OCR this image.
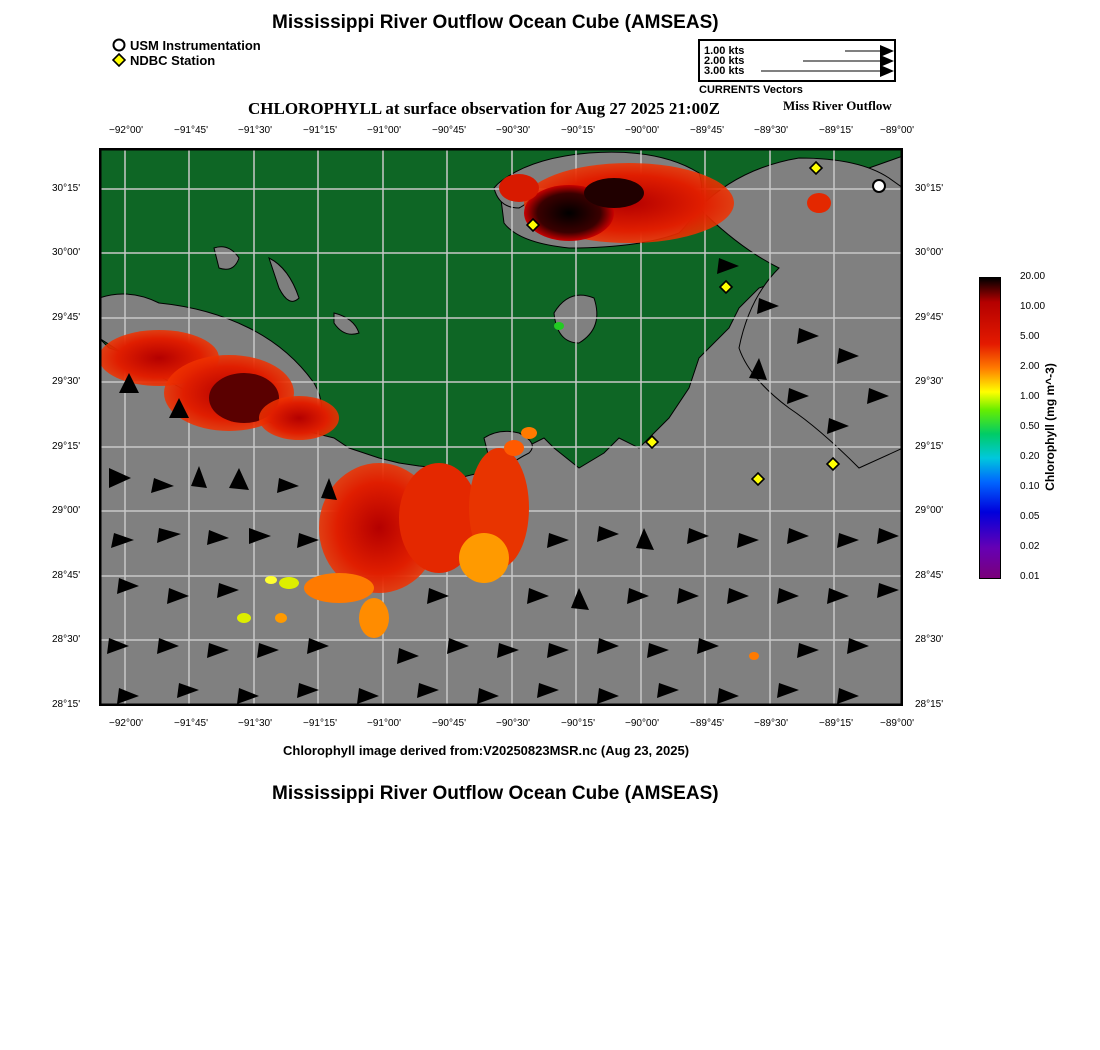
Mississippi River Outflow Ocean Cube (AMSEAS)
USM Instrumentation
NDBC Station
1.00 kts
2.00 kts
3.00 kts
CURRENTS Vectors
CHLOROPHYLL at surface observation for Aug 27 2025 21:00Z	Miss River Outflow
−92°00'	−91°45'	−91°30'	−91°15'	−91°00'	−90°45'	−90°30'	−90°15'	−90°00'	−89°45'	−89°30'	−89°15'	−89°00'
−92°00'	−91°45'	−91°30'	−91°15'	−91°00'	−90°45'	−90°30'	−90°15'	−90°00'	−89°45'	−89°30'	−89°15'	−89°00'
30°15'
30°00'
29°45'
29°30'
29°15'
29°00'
28°45'
28°30'
28°15'
30°15'
30°00'
29°45'
29°30'
29°15'
29°00'
28°45'
28°30'
28°15'
20.00
10.00
5.00
2.00
1.00
0.50
0.20
0.10
0.05
0.02
0.01
Chlorophyll (mg m^-3)
Chlorophyll image derived from:V20250823MSR.nc (Aug 23, 2025)
Mississippi River Outflow Ocean Cube (AMSEAS)
